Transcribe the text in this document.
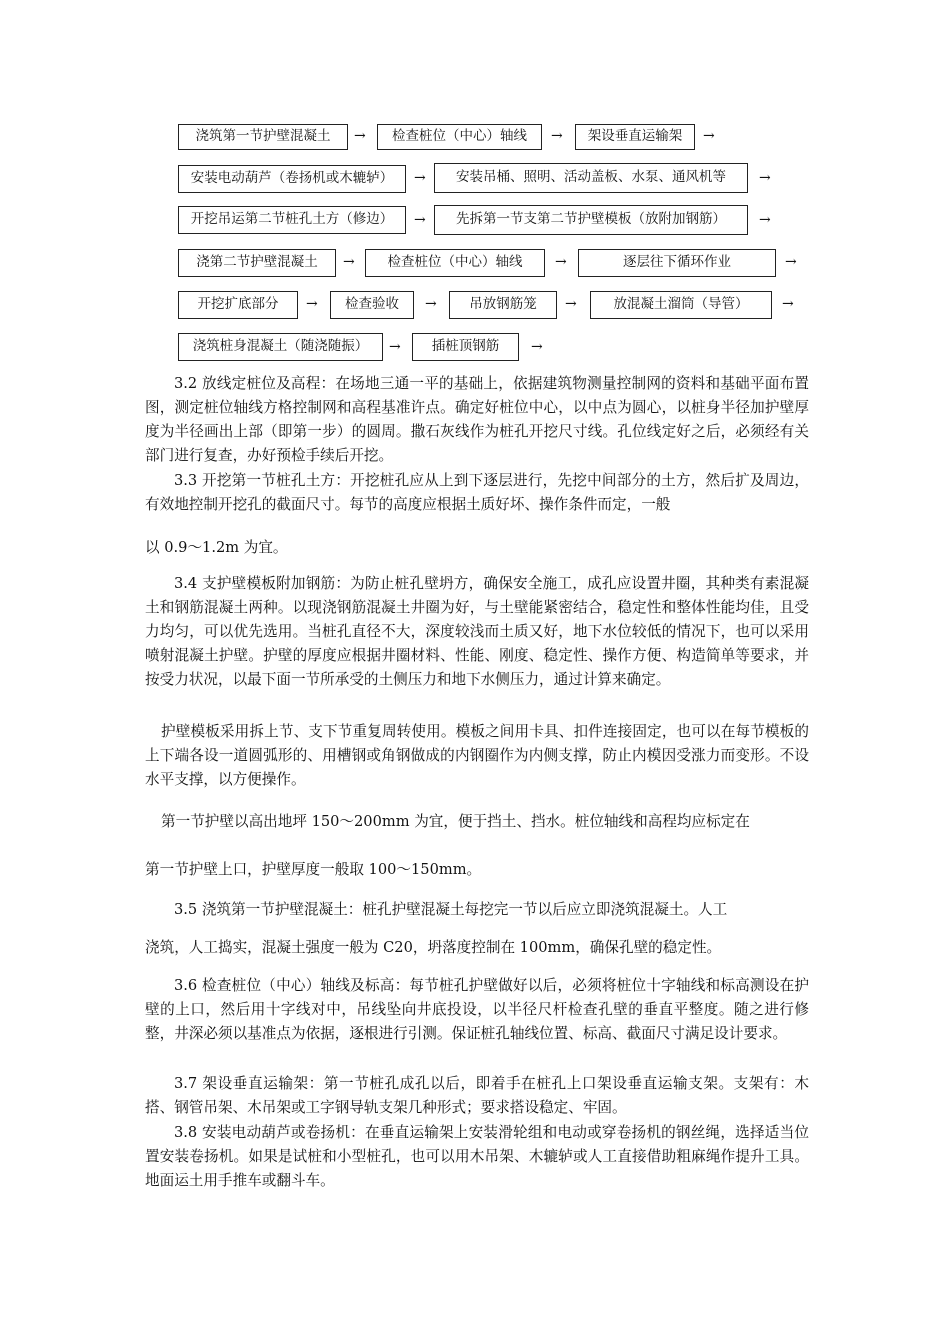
浇筑第一节护壁混凝土	→	检查桩位（中心）轴线	→	架设垂直运输架	→
安装电动葫芦（卷扬机或木辘轳）	→	安装吊桶、照明、活动盖板、水泵、通风机等	→
开挖吊运第二节桩孔土方（修边）	→	先拆第一节支第二节护壁模板（放附加钢筋）	→
浇第二节护壁混凝土	→	检查桩位（中心）轴线	→	逐层往下循环作业	→
开挖扩底部分	→	检查验收	→	吊放钢筋笼	→	放混凝土溜筒（导管）	→
浇筑桩身混凝土（随浇随振）	→	插桩顶钢筋	→

3.2 放线定桩位及高程：在场地三通一平的基础上，依据建筑物测量控制网的资料和基础平面布置图，测定桩位轴线方格控制网和高程基准许点。确定好桩位中心，以中点为圆心，以桩身半径加护壁厚度为半径画出上部（即第一步）的圆周。撒石灰线作为桩孔开挖尺寸线。孔位线定好之后，必须经有关部门进行复查，办好预检手续后开挖。

3.3 开挖第一节桩孔土方：开挖桩孔应从上到下逐层进行，先挖中间部分的土方，然后扩及周边，有效地控制开挖孔的截面尺寸。每节的高度应根据土质好坏、操作条件而定，一般

以 0.9～1.2m 为宜。

3.4 支护壁模板附加钢筋：为防止桩孔壁坍方，确保安全施工，成孔应设置井圈，其种类有素混凝土和钢筋混凝土两种。以现浇钢筋混凝土井圈为好，与土壁能紧密结合，稳定性和整体性能均佳，且受力均匀，可以优先选用。当桩孔直径不大，深度较浅而土质又好，地下水位较低的情况下，也可以采用喷射混凝土护壁。护壁的厚度应根据井圈材料、性能、刚度、稳定性、操作方便、构造简单等要求，并按受力状况，以最下面一节所承受的土侧压力和地下水侧压力，通过计算来确定。

护壁模板采用拆上节、支下节重复周转使用。模板之间用卡具、扣件连接固定，也可以在每节模板的上下端各设一道圆弧形的、用槽钢或角钢做成的内钢圈作为内侧支撑，防止内模因受涨力而变形。不设水平支撑，以方便操作。

第一节护壁以高出地坪 150～200mm 为宜，便于挡土、挡水。桩位轴线和高程均应标定在

第一节护壁上口，护壁厚度一般取 100～150mm。

3.5 浇筑第一节护壁混凝土：桩孔护壁混凝土每挖完一节以后应立即浇筑混凝土。人工

浇筑，人工捣实，混凝土强度一般为 C20，坍落度控制在 100mm，确保孔壁的稳定性。

3.6 检查桩位（中心）轴线及标高：每节桩孔护壁做好以后，必须将桩位十字轴线和标高测设在护壁的上口，然后用十字线对中，吊线坠向井底投设，以半径尺杆检查孔壁的垂直平整度。随之进行修整，井深必须以基准点为依据，逐根进行引测。保证桩孔轴线位置、标高、截面尺寸满足设计要求。

3.7 架设垂直运输架：第一节桩孔成孔以后，即着手在桩孔上口架设垂直运输支架。支架有：木搭、钢管吊架、木吊架或工字钢导轨支架几种形式；要求搭设稳定、牢固。

3.8 安装电动葫芦或卷扬机：在垂直运输架上安装滑轮组和电动或穿卷扬机的钢丝绳，选择适当位置安装卷扬机。如果是试桩和小型桩孔，也可以用木吊架、木辘轳或人工直接借助粗麻绳作提升工具。地面运土用手推车或翻斗车。
